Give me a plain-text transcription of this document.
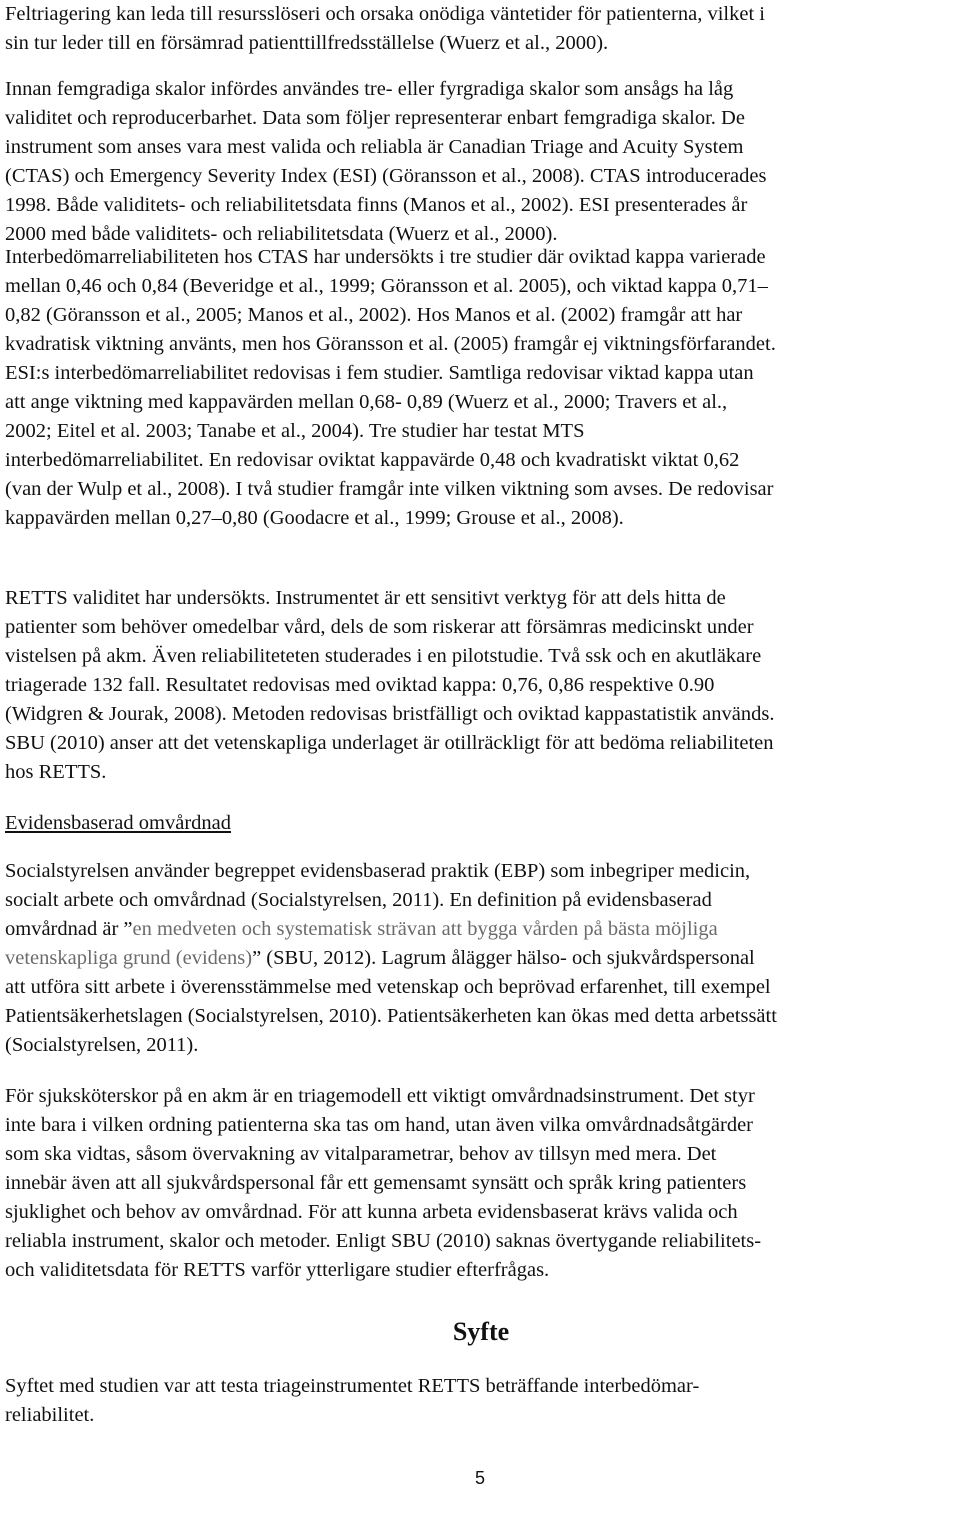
Feltriagering kan leda till resursslöseri och orsaka onödiga väntetider för patienterna, vilket i
sin tur leder till en försämrad patienttillfredsställelse (Wuerz et al., 2000).

Innan femgradiga skalor infördes användes tre- eller fyrgradiga skalor som ansågs ha låg
validitet och reproducerbarhet. Data som följer representerar enbart femgradiga skalor. De
instrument som anses vara mest valida och reliabla är Canadian Triage and Acuity System
(CTAS) och Emergency Severity Index (ESI) (Göransson et al., 2008). CTAS introducerades
1998. Både validitets- och reliabilitetsdata finns (Manos et al., 2002). ESI presenterades år
2000 med både validitets- och reliabilitetsdata (Wuerz et al., 2000).

Interbedömarreliabiliteten hos CTAS har undersökts i tre studier där oviktad kappa varierade
mellan 0,46 och 0,84 (Beveridge et al., 1999; Göransson et al. 2005), och viktad kappa 0,71–
0,82 (Göransson et al., 2005; Manos et al., 2002). Hos Manos et al. (2002) framgår att har
kvadratisk viktning använts, men hos Göransson et al. (2005) framgår ej viktningsförfarandet.
ESI:s interbedömarreliabilitet redovisas i fem studier. Samtliga redovisar viktad kappa utan
att ange viktning med kappavärden mellan 0,68- 0,89 (Wuerz et al., 2000; Travers et al.,
2002; Eitel et al. 2003; Tanabe et al., 2004). Tre studier har testat MTS
interbedömarreliabilitet. En redovisar oviktat kappavärde 0,48 och kvadratiskt viktat 0,62
(van der Wulp et al., 2008). I två studier framgår inte vilken viktning som avses. De redovisar
kappavärden mellan 0,27–0,80 (Goodacre et al., 1999; Grouse et al., 2008).

RETTS validitet har undersökts. Instrumentet är ett sensitivt verktyg för att dels hitta de
patienter som behöver omedelbar vård, dels de som riskerar att försämras medicinskt under
vistelsen på akm. Även reliabiliteteten studerades i en pilotstudie. Två ssk och en akutläkare
triagerade 132 fall. Resultatet redovisas med oviktad kappa: 0,76, 0,86 respektive 0.90
(Widgren & Jourak, 2008). Metoden redovisas bristfälligt och oviktad kappastatistik används.
SBU (2010) anser att det vetenskapliga underlaget är otillräckligt för att bedöma reliabiliteten
hos RETTS.

Evidensbaserad omvårdnad

Socialstyrelsen använder begreppet evidensbaserad praktik (EBP) som inbegriper medicin,
socialt arbete och omvårdnad (Socialstyrelsen, 2011). En definition på evidensbaserad
omvårdnad är ”en medveten och systematisk strävan att bygga vården på bästa möjliga
vetenskapliga grund (evidens)” (SBU, 2012). Lagrum ålägger hälso- och sjukvårdspersonal
att utföra sitt arbete i överensstämmelse med vetenskap och beprövad erfarenhet, till exempel
Patientsäkerhetslagen (Socialstyrelsen, 2010). Patientsäkerheten kan ökas med detta arbetssätt
(Socialstyrelsen, 2011).

För sjuksköterskor på en akm är en triagemodell ett viktigt omvårdnadsinstrument. Det styr
inte bara i vilken ordning patienterna ska tas om hand, utan även vilka omvårdnadsåtgärder
som ska vidtas, såsom övervakning av vitalparametrar, behov av tillsyn med mera. Det
innebär även att all sjukvårdspersonal får ett gemensamt synsätt och språk kring patienters
sjuklighet och behov av omvårdnad. För att kunna arbeta evidensbaserat krävs valida och
reliabla instrument, skalor och metoder. Enligt SBU (2010) saknas övertygande reliabilitets-
och validitetsdata för RETTS varför ytterligare studier efterfrågas.

Syfte

Syftet med studien var att testa triageinstrumentet RETTS beträffande interbedömar-
reliabilitet.

5
